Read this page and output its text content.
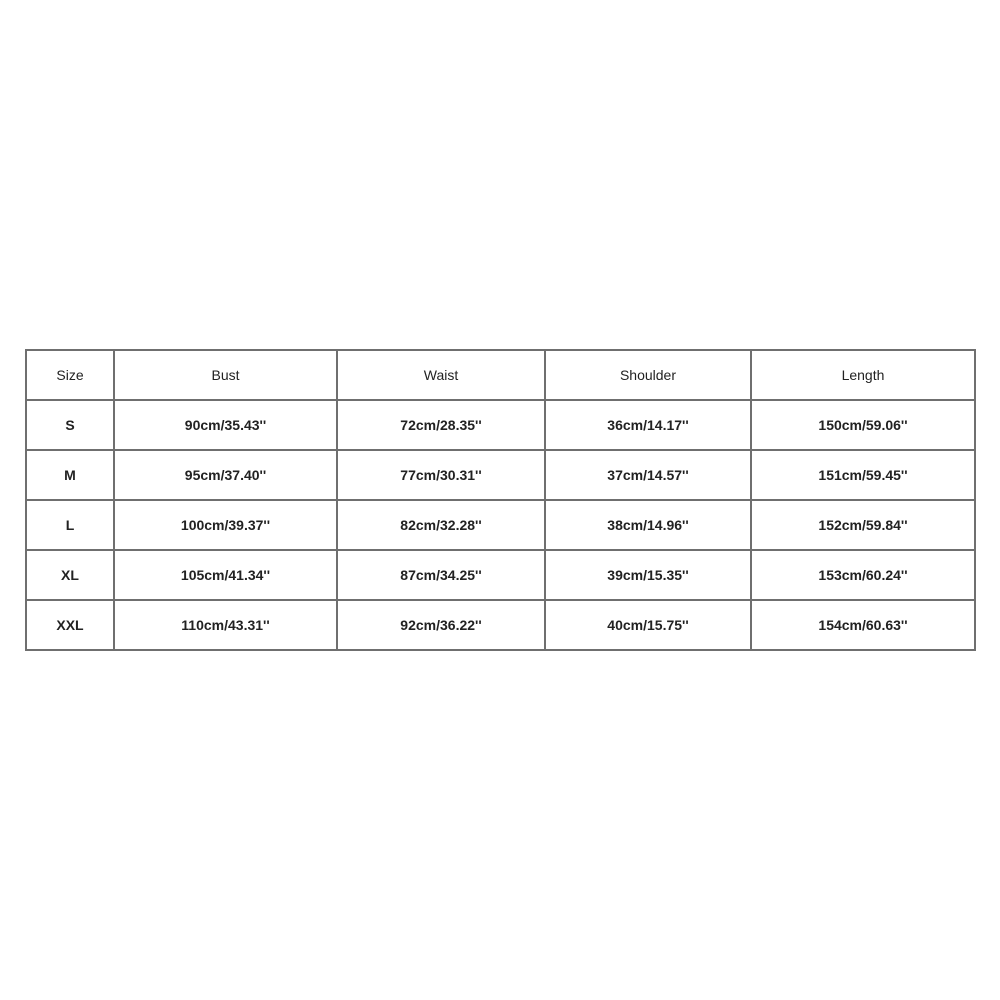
Size	Bust	Waist	Shoulder	Length
S	90cm/35.43''	72cm/28.35''	36cm/14.17''	150cm/59.06''
M	95cm/37.40''	77cm/30.31''	37cm/14.57''	151cm/59.45''
L	100cm/39.37''	82cm/32.28''	38cm/14.96''	152cm/59.84''
XL	105cm/41.34''	87cm/34.25''	39cm/15.35''	153cm/60.24''
XXL	110cm/43.31''	92cm/36.22''	40cm/15.75''	154cm/60.63''
